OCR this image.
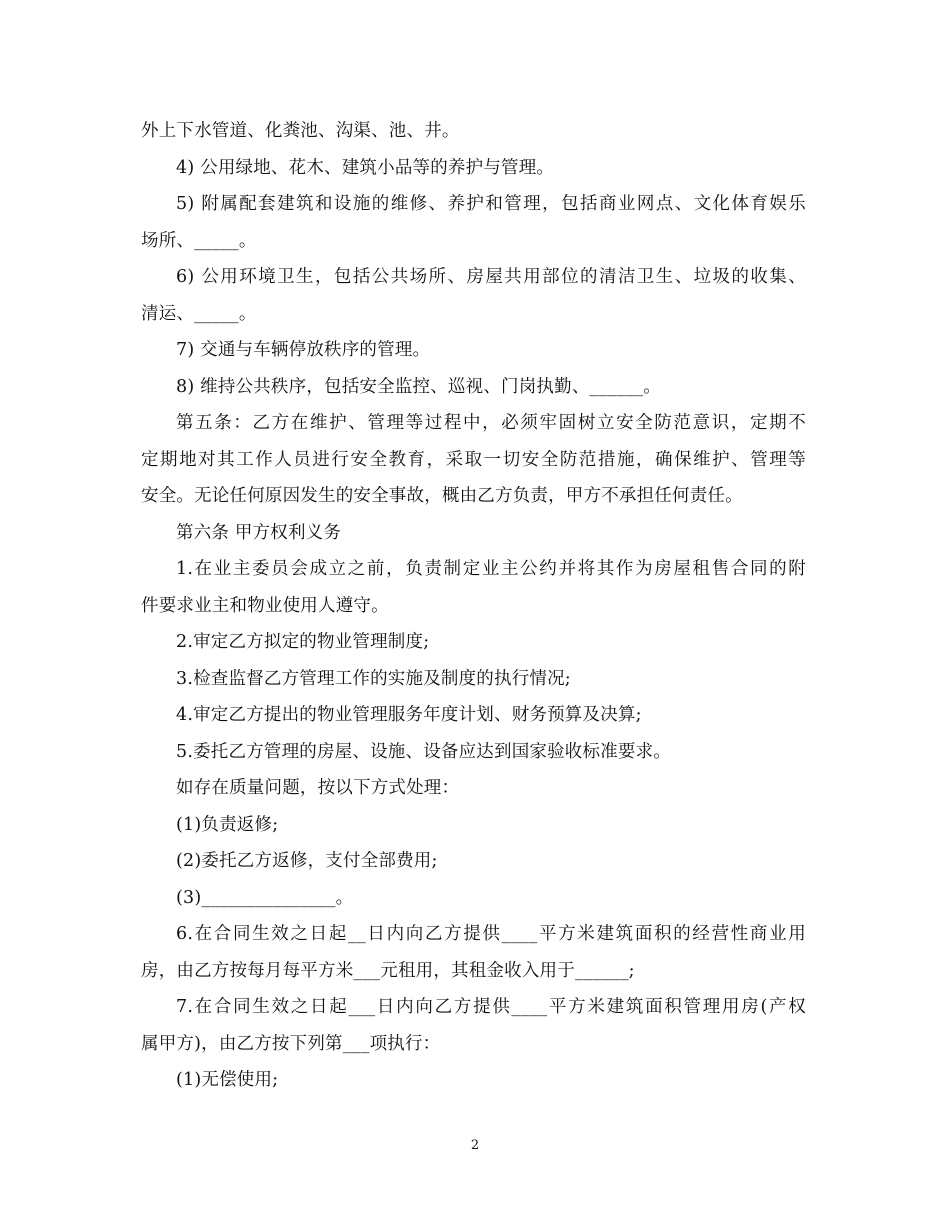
外上下水管道、化粪池、沟渠、池、井。
4) 公用绿地、花木、建筑小品等的养护与管理。
5) 附属配套建筑和设施的维修、养护和管理，包括商业网点、文化体育娱乐
场所、_____。
6) 公用环境卫生，包括公共场所、房屋共用部位的清洁卫生、垃圾的收集、
清运、_____。
7) 交通与车辆停放秩序的管理。
8) 维持公共秩序，包括安全监控、巡视、门岗执勤、______。
第五条：乙方在维护、管理等过程中，必须牢固树立安全防范意识，定期不
定期地对其工作人员进行安全教育，采取一切安全防范措施，确保维护、管理等
安全。无论任何原因发生的安全事故，概由乙方负责，甲方不承担任何责任。
第六条 甲方权利义务
1.在业主委员会成立之前，负责制定业主公约并将其作为房屋租售合同的附
件要求业主和物业使用人遵守。
2.审定乙方拟定的物业管理制度;
3.检查监督乙方管理工作的实施及制度的执行情况;
4.审定乙方提出的物业管理服务年度计划、财务预算及决算;
5.委托乙方管理的房屋、设施、设备应达到国家验收标准要求。
如存在质量问题，按以下方式处理：
(1)负责返修;
(2)委托乙方返修，支付全部费用;
(3)_______________。
6.在合同生效之日起__日内向乙方提供____平方米建筑面积的经营性商业用
房，由乙方按每月每平方米___元租用，其租金收入用于______;
7.在合同生效之日起___日内向乙方提供____平方米建筑面积管理用房(产权
属甲方)，由乙方按下列第___项执行：
(1)无偿使用;
2
